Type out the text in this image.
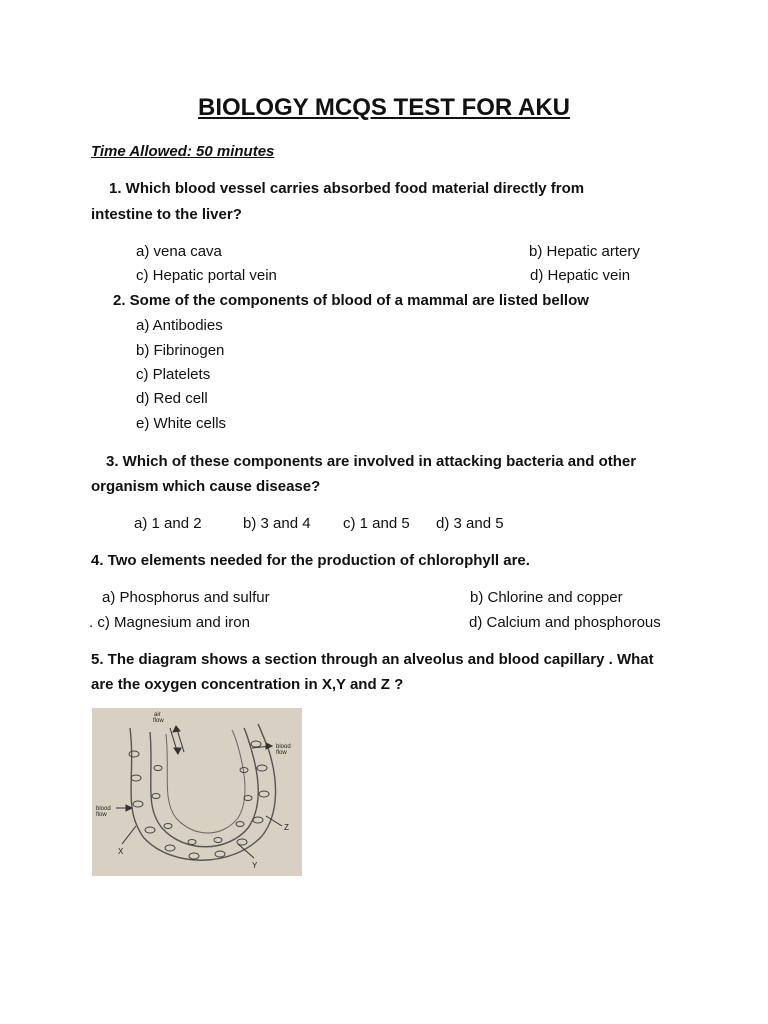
BIOLOGY MCQS TEST FOR AKU
Time Allowed: 50 minutes
1. Which blood vessel carries absorbed food material directly from
intestine to the liver?
a) vena cava	b) Hepatic artery
c) Hepatic portal vein	d) Hepatic vein
2. Some of the components of blood of a mammal are listed bellow
a) Antibodies
b) Fibrinogen
c) Platelets
d) Red cell
e) White cells
3. Which of these components are involved in attacking bacteria and other
organism which cause disease?
a) 1 and 2	b) 3 and 4 c) 1 and 5 d) 3 and 5
4. Two elements needed for the production of chlorophyll are.
a) Phosphorus and sulfur	b) Chlorine and copper
. c) Magnesium and iron	d) Calcium and phosphorous
5. The diagram shows a section through an alveolus and blood capillary . What
are the oxygen concentration in X,Y and Z ?
air
flow
blood
flow
blood
flow
X
Y
Z
